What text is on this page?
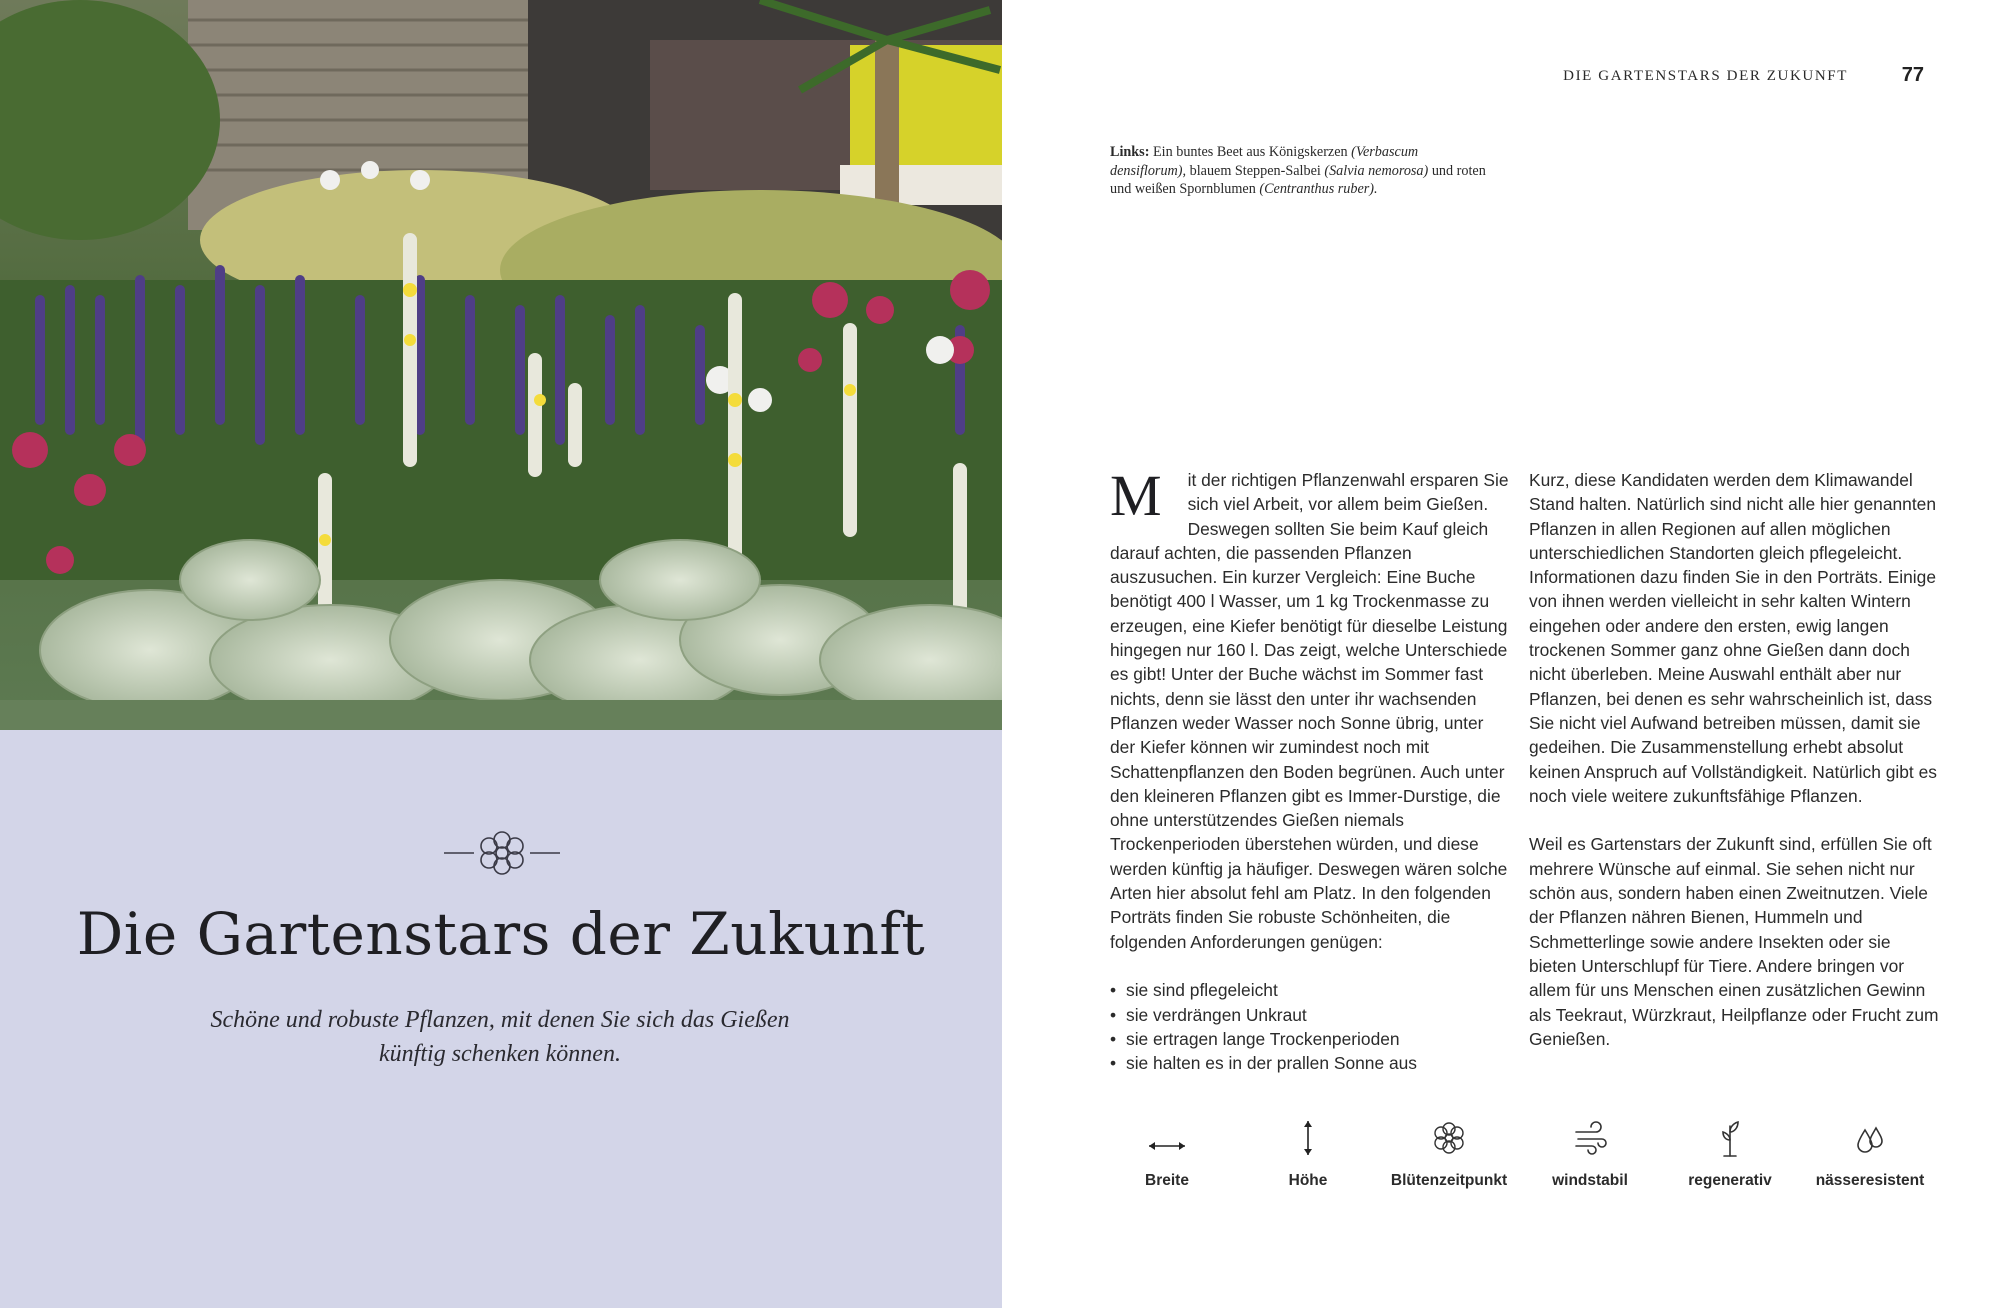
Die Gartenstars der Zukunft
Schöne und robuste Pflanzen, mit denen Sie sich das Gießen
künftig schenken können.
DIE GARTENSTARS DER ZUKUNFT	77
Links: Ein buntes Beet aus Königskerzen (Verbascum densiflorum), blauem Steppen-Salbei (Salvia nemorosa) und roten und weißen Spornblumen (Centranthus ruber).
M	it der richtigen Pflanzenwahl ersparen Sie sich viel Arbeit, vor allem beim Gießen. Deswegen sollten Sie beim Kauf gleich darauf achten, die passenden Pflanzen auszusuchen. Ein kurzer Vergleich: Eine Buche benötigt 400 l Wasser, um 1 kg Trockenmasse zu erzeugen, eine Kiefer benötigt für dieselbe Leistung hingegen nur 160 l. Das zeigt, welche Unterschiede es gibt! Unter der Buche wächst im Sommer fast nichts, denn sie lässt den unter ihr wachsenden Pflanzen weder Wasser noch Sonne übrig, unter der Kiefer können wir zumindest noch mit Schattenpflanzen den Boden begrünen. Auch unter den kleineren Pflanzen gibt es Immer-Durstige, die ohne unterstützendes Gießen niemals Trockenperioden überstehen würden, und diese werden künftig ja häufiger. Deswegen wären solche Arten hier absolut fehl am Platz. In den folgenden Porträts finden Sie robuste Schönheiten, die folgenden Anforderungen genügen:

• sie sind pflegeleicht
• sie verdrängen Unkraut
• sie ertragen lange Trockenperioden
• sie halten es in der prallen Sonne aus

Kurz, diese Kandidaten werden dem Klimawandel Stand halten. Natürlich sind nicht alle hier genannten Pflanzen in allen Regionen auf allen möglichen unterschiedlichen Standorten gleich pflegeleicht. Informationen dazu finden Sie in den Porträts. Einige von ihnen werden vielleicht in sehr kalten Wintern eingehen oder andere den ersten, ewig langen trockenen Sommer ganz ohne Gießen dann doch nicht überleben. Meine Auswahl enthält aber nur Pflanzen, bei denen es sehr wahrscheinlich ist, dass Sie nicht viel Aufwand betreiben müssen, damit sie gedeihen. Die Zusammenstellung erhebt absolut keinen Anspruch auf Vollständigkeit. Natürlich gibt es noch viele weitere zukunftsfähige Pflanzen.

Weil es Gartenstars der Zukunft sind, erfüllen Sie oft mehrere Wünsche auf einmal. Sie sehen nicht nur schön aus, sondern haben einen Zweitnutzen. Viele der Pflanzen nähren Bienen, Hummeln und Schmetterlinge sowie andere Insekten oder sie bieten Unterschlupf für Tiere. Andere bringen vor allem für uns Menschen einen zusätzlichen Gewinn als Teekraut, Würzkraut, Heilpflanze oder Frucht zum Genießen.

Breite	Höhe	Blütenzeitpunkt	windstabil	regenerativ	nässeresistent
